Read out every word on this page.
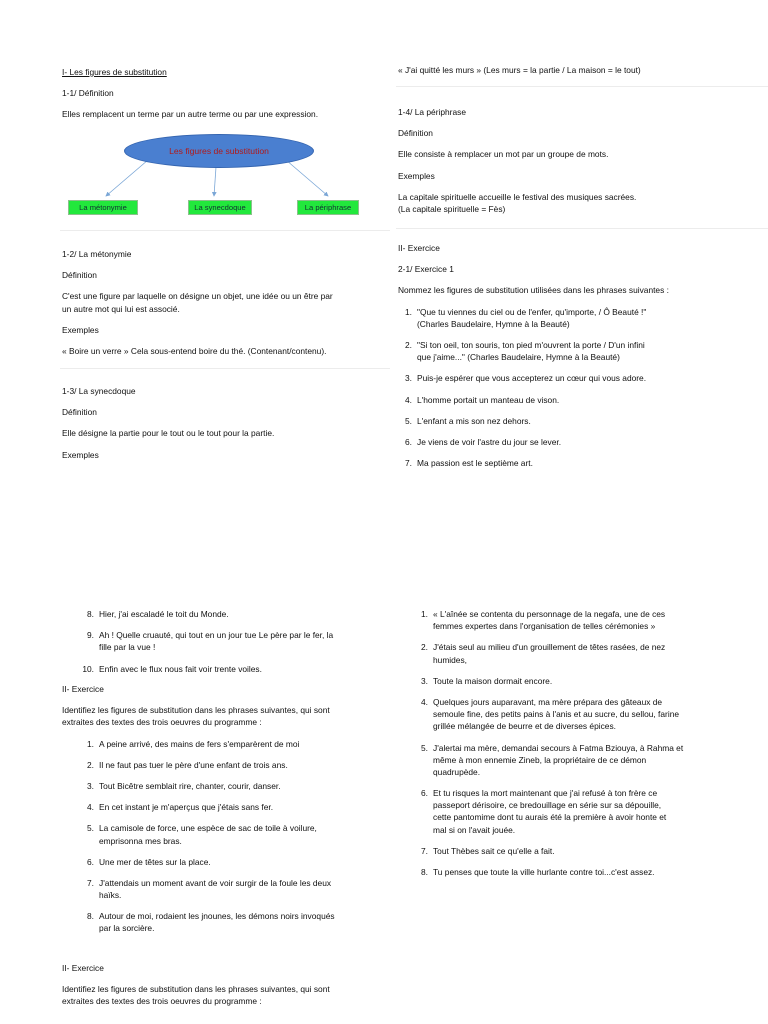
I- Les figures de substitution

1-1/ Définition

Elles remplacent un terme par un autre terme ou par une expression.

Les figures de substitution
La métonymie	La synecdoque	La périphrase

1-2/ La métonymie

Définition

C'est une figure par laquelle on désigne un objet, une idée ou un être par

un autre mot qui lui est associé.

Exemples

« Boire un verre » Cela sous-entend boire du thé. (Contenant/contenu).

1-3/ La synecdoque

Définition

Elle désigne la partie pour le tout ou le tout pour la partie.

Exemples

« J'ai quitté les murs » (Les murs = la partie / La maison = le tout)

1-4/ La périphrase

Définition

Elle consiste à remplacer un mot par un groupe de mots.

Exemples

La capitale spirituelle accueille le festival des musiques sacrées.

(La capitale spirituelle = Fès)

II- Exercice

2-1/ Exercice 1

Nommez les figures de substitution utilisées dans les phrases suivantes :

1. "Que tu viennes du ciel ou de l'enfer, qu'importe, / Ô Beauté !"
(Charles Baudelaire, Hymne à la Beauté)
2. "Si ton oeil, ton souris, ton pied m'ouvrent la porte / D'un infini
que j'aime..." (Charles Baudelaire, Hymne à la Beauté)
3. Puis-je espérer que vous accepterez un cœur qui vous adore.
4. L'homme portait un manteau de vison.
5. L'enfant a mis son nez dehors.
6. Je viens de voir l'astre du jour se lever.
7. Ma passion est le septième art.
8. Hier, j'ai escaladé le toit du Monde.
9. Ah ! Quelle cruauté, qui tout en un jour tue Le père par le fer, la
fille par la vue !
10. Enfin avec le flux nous fait voir trente voiles.

II- Exercice

Identifiez les figures de substitution dans les phrases suivantes, qui sont

extraites des textes des trois oeuvres du programme :

1. A peine arrivé, des mains de fers s'emparèrent de moi
2. Il ne faut pas tuer le père d'une enfant de trois ans.
3. Tout Bicêtre semblait rire, chanter, courir, danser.
4. En cet instant je m'aperçus que j'étais sans fer.
5. La camisole de force, une espèce de sac de toile à voilure,
emprisonna mes bras.
6. Une mer de têtes sur la place.
7. J'attendais un moment avant de voir surgir de la foule les deux
haïks.
8. Autour de moi, rodaient les jnounes, les démons noirs invoqués
par la sorcière.

II- Exercice

Identifiez les figures de substitution dans les phrases suivantes, qui sont

extraites des textes des trois oeuvres du programme :

1. « L'aînée se contenta du personnage de la negafa, une de ces
femmes expertes dans l'organisation de telles cérémonies »
2. J'étais seul au milieu d'un grouillement de têtes rasées, de nez
humides,
3. Toute la maison dormait encore.
4. Quelques jours auparavant, ma mère prépara des gâteaux de
semoule fine, des petits pains à l'anis et au sucre, du sellou, farine
grillée mélangée de beurre et de diverses épices.
5. J'alertai ma mère, demandai secours à Fatma Bziouya, à Rahma et
même à mon ennemie Zineb, la propriétaire de ce démon
quadrupède.
6. Et tu risques la mort maintenant que j'ai refusé à ton frère ce
passeport dérisoire, ce bredouillage en série sur sa dépouille,
cette pantomime dont tu aurais été la première à avoir honte et
mal si on l'avait jouée.
7. Tout Thèbes sait ce qu'elle a fait.
8. Tu penses que toute la ville hurlante contre toi...c'est assez.
